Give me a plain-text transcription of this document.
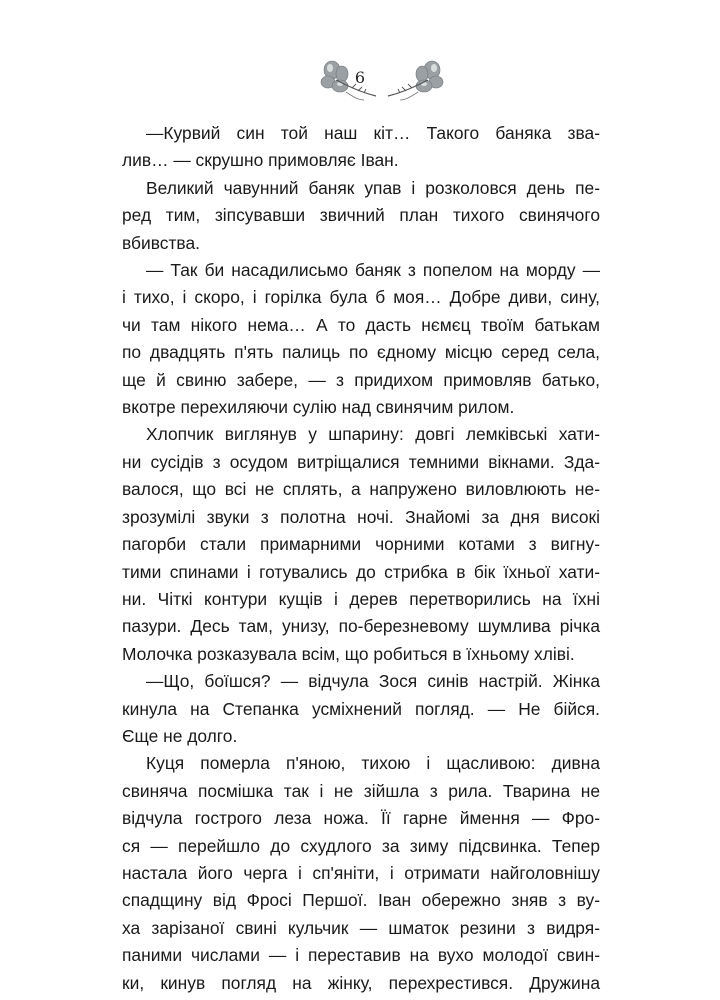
6

—Курвий син той наш кіт… Такого баняка зва-
лив… — скрушно примовляє Іван.

Великий чавунний баняк упав і розколовся день пе-
ред тим, зіпсувавши звичний план тихого свинячого
вбивства.

— Так би насадилисьмо баняк з попелом на морду —
і тихо, і скоро, і горілка була б моя… Добре диви, сину,
чи там нікого нема… А то дасть нємєц твоїм батькам
по двадцять п'ять палиць по єдному місцю серед села,
ще й свиню забере, — з придихом примовляв батько,
вкотре перехиляючи сулію над свинячим рилом.

Хлопчик виглянув у шпарину: довгі лемківські хати-
ни сусідів з осудом витріщалися темними вікнами. Зда-
валося, що всі не сплять, а напружено виловлюють не-
зрозумілі звуки з полотна ночі. Знайомі за дня високі
пагорби стали примарними чорними котами з вигну-
тими спинами і готувались до стрибка в бік їхньої хати-
ни. Чіткі контури кущів і дерев перетворились на їхні
пазури. Десь там, унизу, по-березневому шумлива річка
Молочка розказувала всім, що робиться в їхньому хліві.

—Що, боїшся? — відчула Зося синів настрій. Жінка
кинула на Степанка усміхнений погляд. — Не бійся.
Єще не долго.

Куця померла п'яною, тихою і щасливою: дивна
свиняча посмішка так і не зійшла з рила. Тварина не
відчула гострого леза ножа. Її гарне ймення — Фро-
ся — перейшло до схудлого за зиму підсвинка. Тепер
настала його черга і сп'яніти, і отримати найголовнішу
спадщину від Фросі Першої. Іван обережно зняв з ву-
ха зарізаної свині кульчик — шматок резини з видря-
паними числами — і переставив на вухо молодої свин-
ки, кинув погляд на жінку, перехрестився. Дружина
